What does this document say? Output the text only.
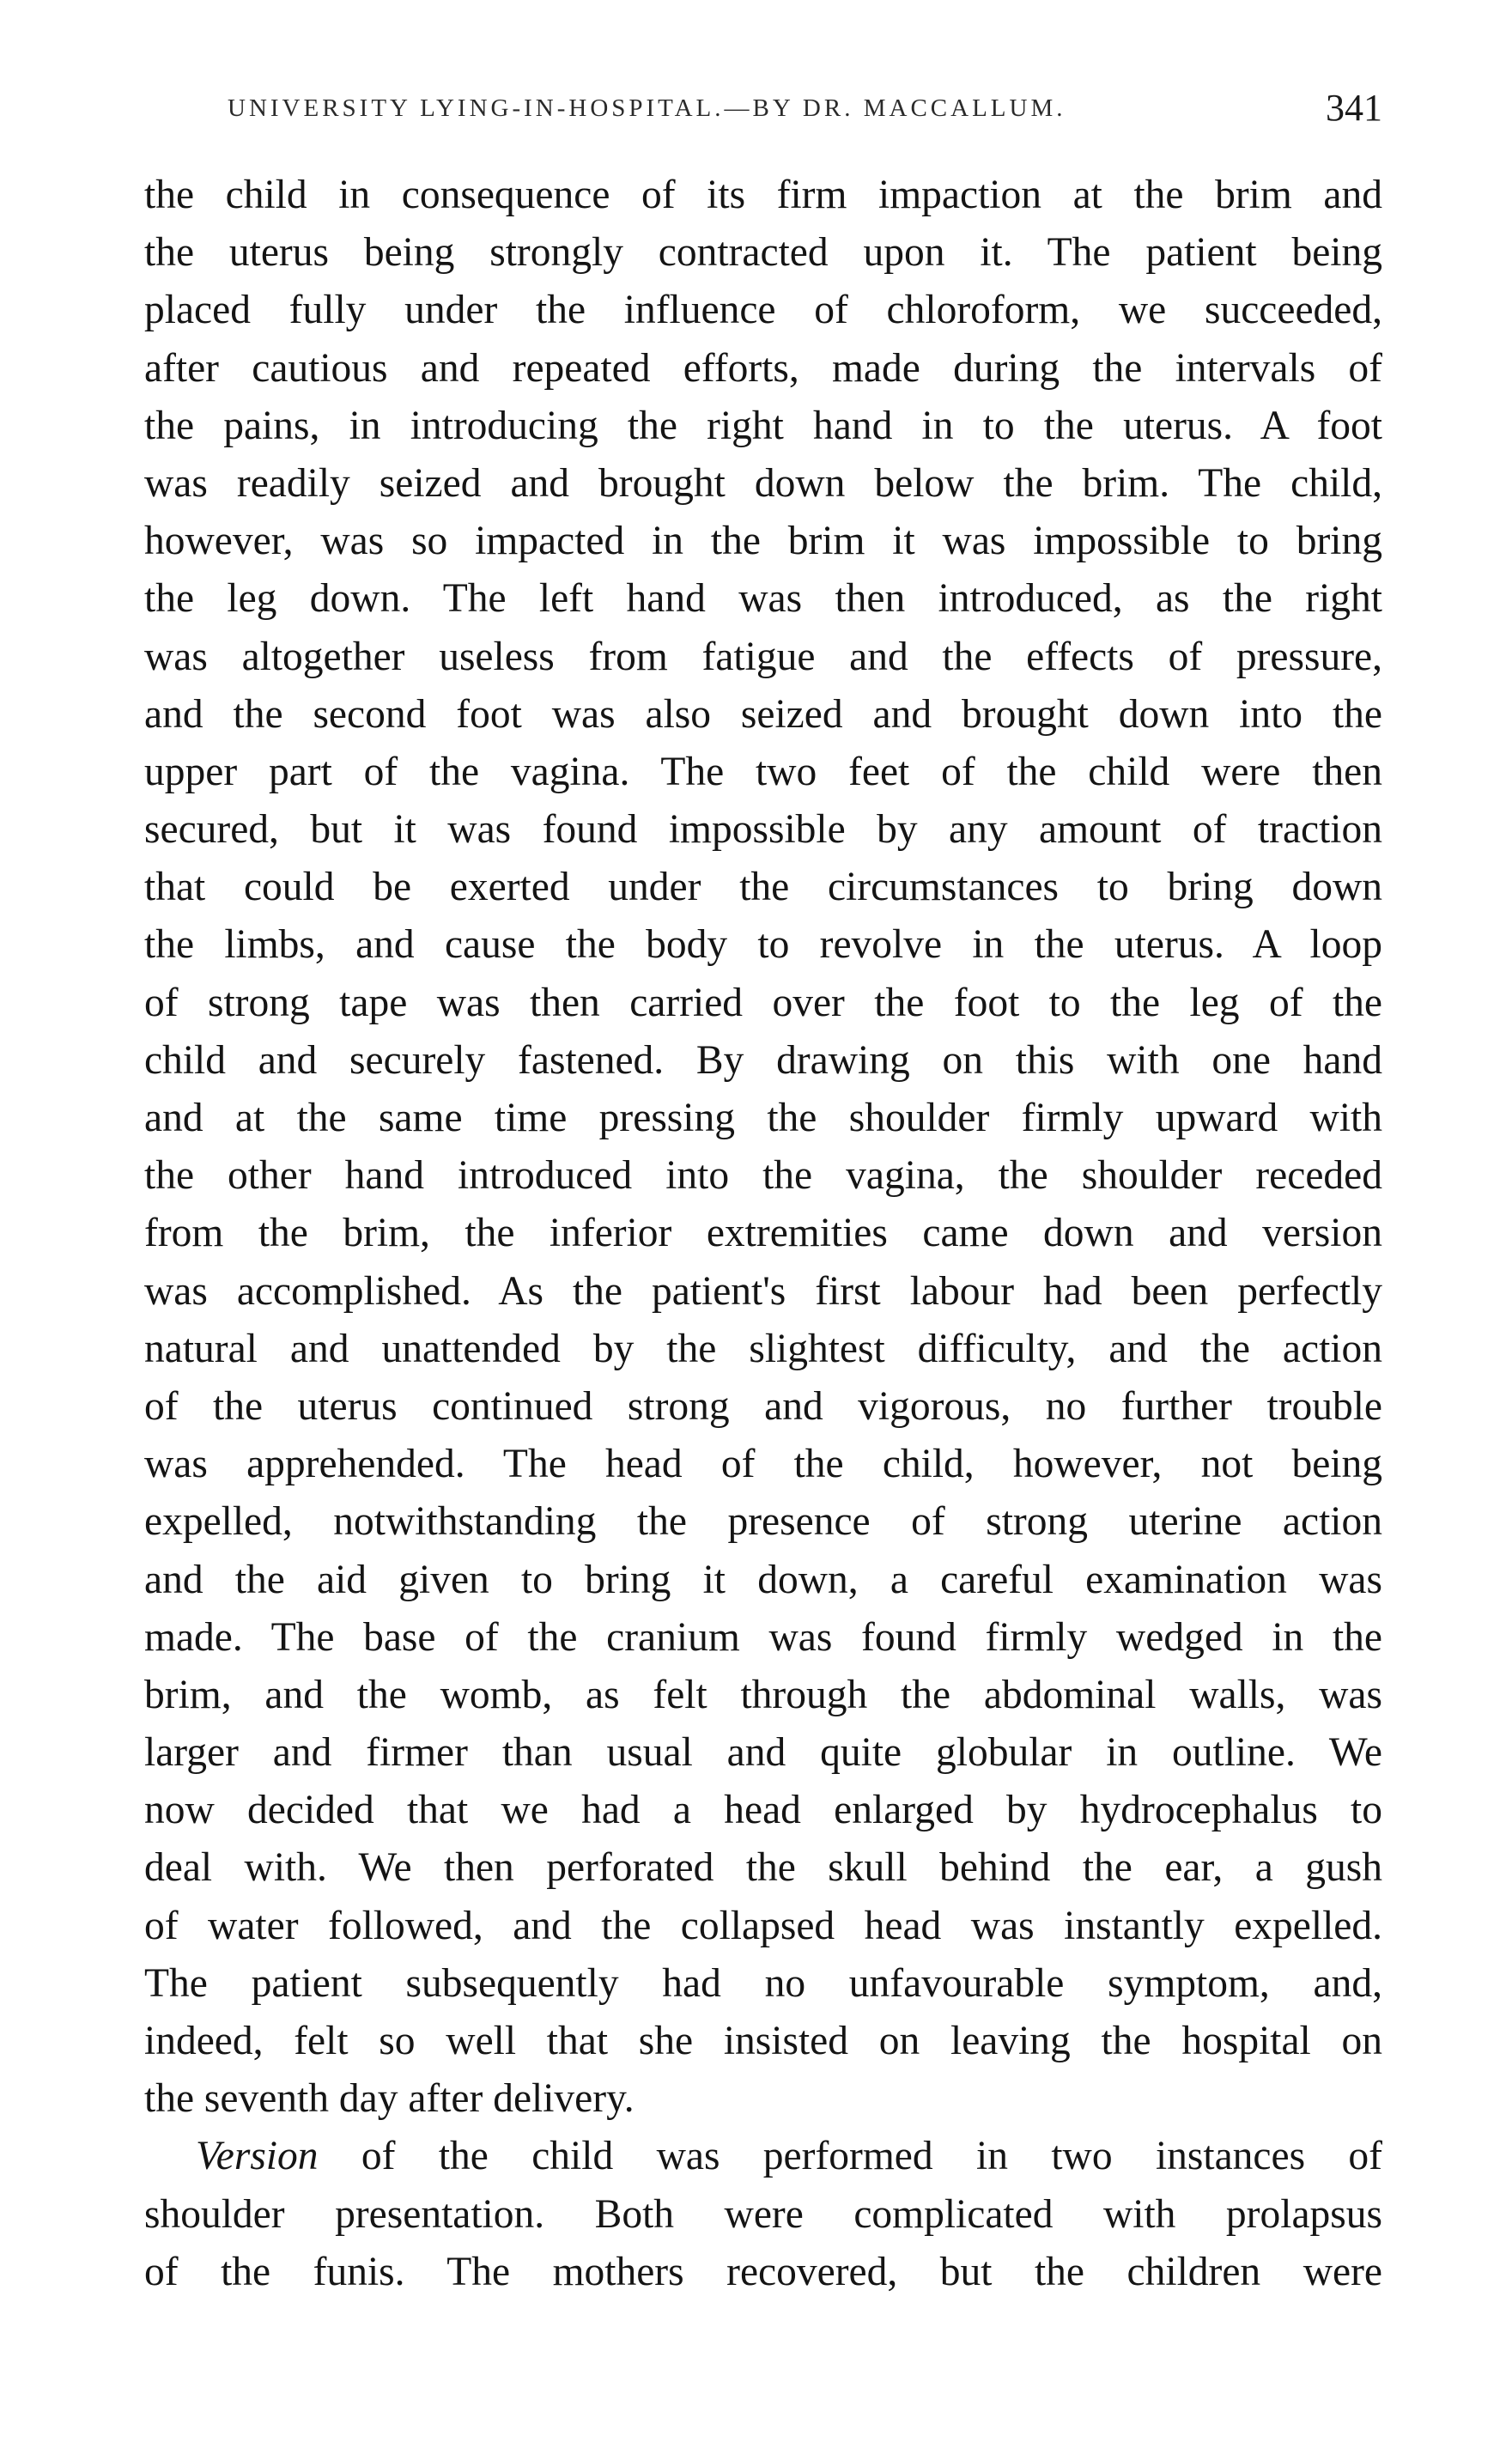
UNIVERSITY LYING-IN-HOSPITAL.—BY DR. MACCALLUM.	341
the child in consequence of its firm impaction at the brim and
the uterus being strongly contracted upon it. The patient being
placed fully under the influence of chloroform, we succeeded,
after cautious and repeated efforts, made during the intervals of
the pains, in introducing the right hand in to the uterus. A foot
was readily seized and brought down below the brim. The child,
however, was so impacted in the brim it was impossible to bring
the leg down. The left hand was then introduced, as the right
was altogether useless from fatigue and the effects of pressure,
and the second foot was also seized and brought down into the
upper part of the vagina. The two feet of the child were then
secured, but it was found impossible by any amount of traction
that could be exerted under the circumstances to bring down
the limbs, and cause the body to revolve in the uterus. A loop
of strong tape was then carried over the foot to the leg of the
child and securely fastened. By drawing on this with one hand
and at the same time pressing the shoulder firmly upward with
the other hand introduced into the vagina, the shoulder receded
from the brim, the inferior extremities came down and version
was accomplished. As the patient's first labour had been perfectly
natural and unattended by the slightest difficulty, and the action
of the uterus continued strong and vigorous, no further trouble
was apprehended. The head of the child, however, not being
expelled, notwithstanding the presence of strong uterine action
and the aid given to bring it down, a careful examination was
made. The base of the cranium was found firmly wedged in the
brim, and the womb, as felt through the abdominal walls, was
larger and firmer than usual and quite globular in outline. We
now decided that we had a head enlarged by hydrocephalus to
deal with. We then perforated the skull behind the ear, a gush
of water followed, and the collapsed head was instantly expelled.
The patient subsequently had no unfavourable symptom, and,
indeed, felt so well that she insisted on leaving the hospital on
the seventh day after delivery.
Version of the child was performed in two instances of
shoulder presentation. Both were complicated with prolapsus
of the funis. The mothers recovered, but the children were
